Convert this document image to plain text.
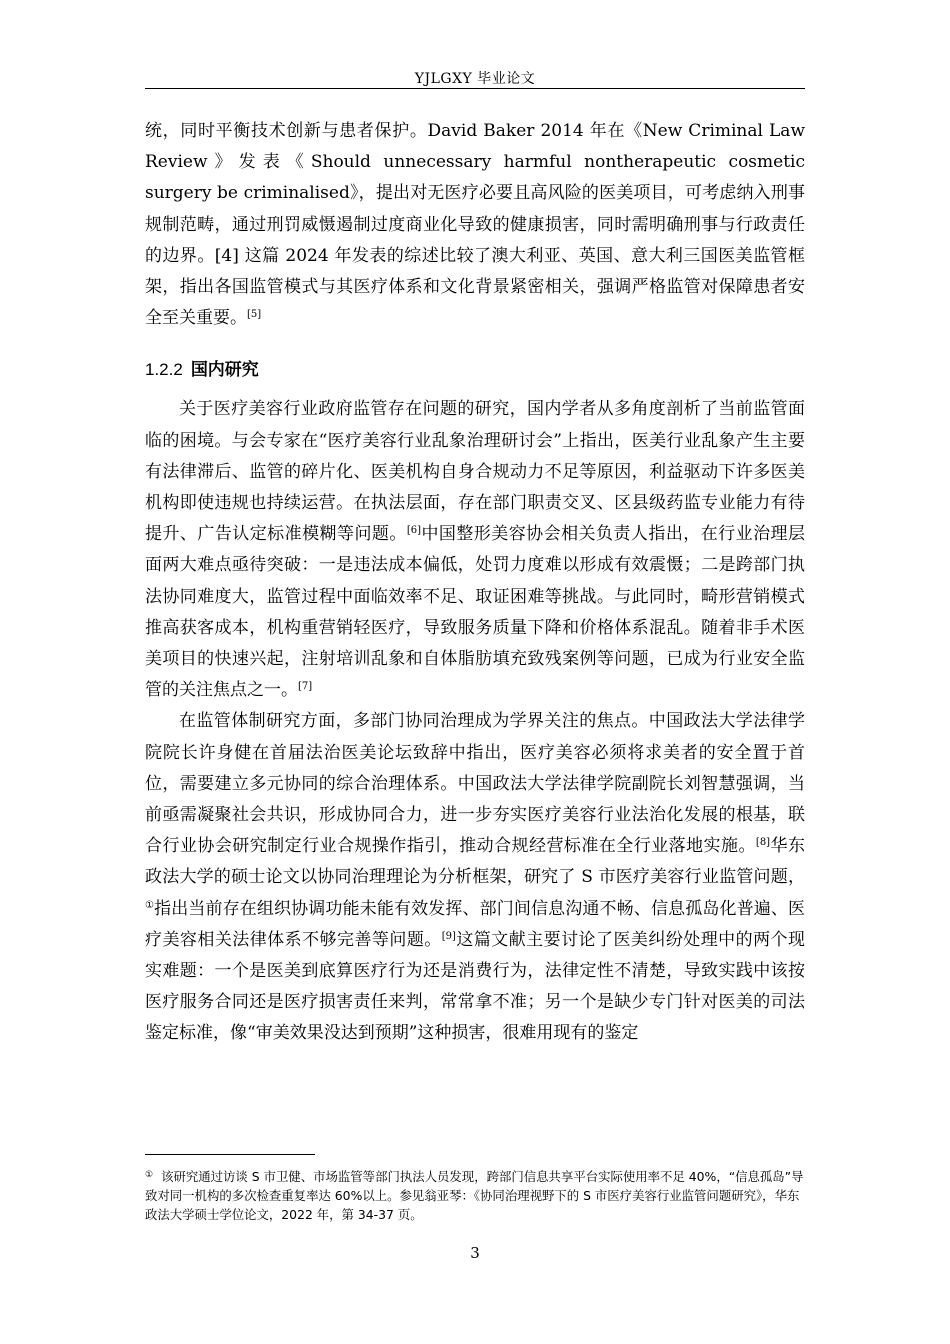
YJLGXY 毕业论文

统，同时平衡技术创新与患者保护。David Baker 2014 年在《New Criminal Law Review》发表《Should unnecessary harmful nontherapeutic cosmetic surgery be criminalised》，提出对无医疗必要且高风险的医美项目，可考虑纳入刑事规制范畴，通过刑罚威慑遏制过度商业化导致的健康损害，同时需明确刑事与行政责任的边界。[4] 这篇 2024 年发表的综述比较了澳大利亚、英国、意大利三国医美监管框架，指出各国监管模式与其医疗体系和文化背景紧密相关，强调严格监管对保障患者安全至关重要。[5]

1.2.2 国内研究

关于医疗美容行业政府监管存在问题的研究，国内学者从多角度剖析了当前监管面临的困境。与会专家在“医疗美容行业乱象治理研讨会”上指出，医美行业乱象产生主要有法律滞后、监管的碎片化、医美机构自身合规动力不足等原因，利益驱动下许多医美机构即使违规也持续运营。在执法层面，存在部门职责交叉、区县级药监专业能力有待提升、广告认定标准模糊等问题。[6]中国整形美容协会相关负责人指出，在行业治理层面两大难点亟待突破：一是违法成本偏低，处罚力度难以形成有效震慑；二是跨部门执法协同难度大，监管过程中面临效率不足、取证困难等挑战。与此同时，畸形营销模式推高获客成本，机构重营销轻医疗，导致服务质量下降和价格体系混乱。随着非手术医美项目的快速兴起，注射培训乱象和自体脂肪填充致残案例等问题，已成为行业安全监管的关注焦点之一。[7]

在监管体制研究方面，多部门协同治理成为学界关注的焦点。中国政法大学法律学院院长许身健在首届法治医美论坛致辞中指出，医疗美容必须将求美者的安全置于首位，需要建立多元协同的综合治理体系。中国政法大学法律学院副院长刘智慧强调，当前亟需凝聚社会共识，形成协同合力，进一步夯实医疗美容行业法治化发展的根基，联合行业协会研究制定行业合规操作指引，推动合规经营标准在全行业落地实施。[8]华东政法大学的硕士论文以协同治理理论为分析框架，研究了 S 市医疗美容行业监管问题，①指出当前存在组织协调功能未能有效发挥、部门间信息沟通不畅、信息孤岛化普遍、医疗美容相关法律体系不够完善等问题。[9]这篇文献主要讨论了医美纠纷处理中的两个现实难题：一个是医美到底算医疗行为还是消费行为，法律定性不清楚，导致实践中该按医疗服务合同还是医疗损害责任来判，常常拿不准；另一个是缺少专门针对医美的司法鉴定标准，像“审美效果没达到预期”这种损害，很难用现有的鉴定

① 该研究通过访谈 S 市卫健、市场监管等部门执法人员发现，跨部门信息共享平台实际使用率不足 40%，“信息孤岛”导致对同一机构的多次检查重复率达 60%以上。参见翁亚琴：《协同治理视野下的 S 市医疗美容行业监管问题研究》，华东政法大学硕士学位论文，2022 年，第 34-37 页。
3
